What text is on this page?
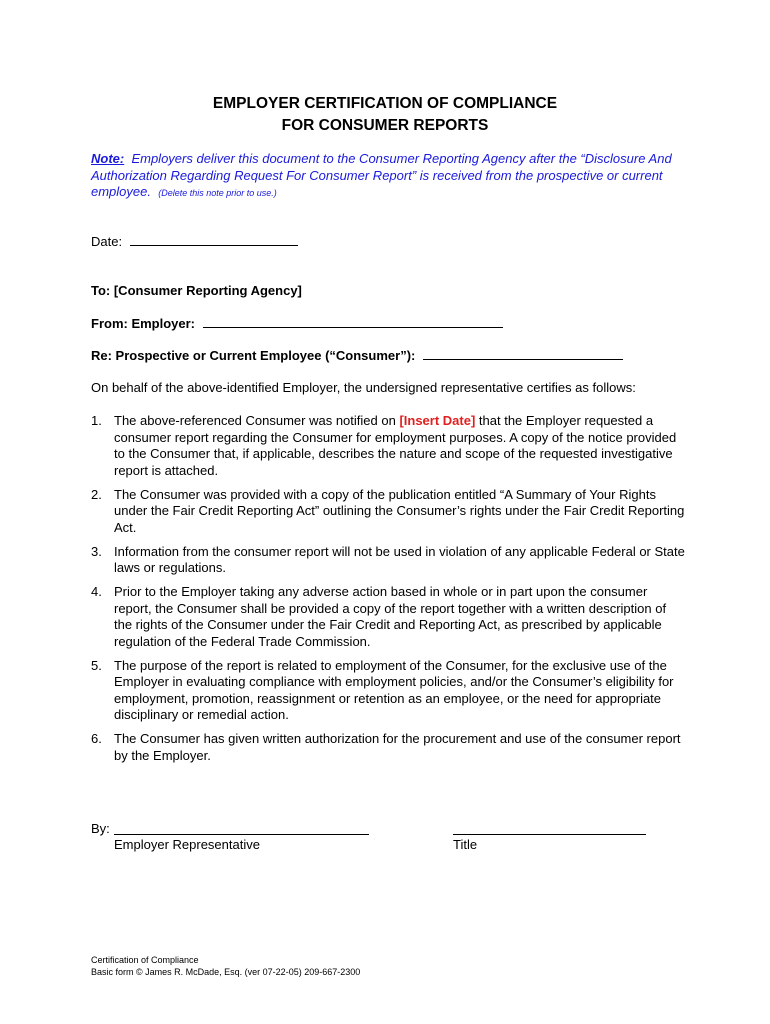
EMPLOYER CERTIFICATION OF COMPLIANCE
FOR CONSUMER REPORTS
Note: Employers deliver this document to the Consumer Reporting Agency after the “Disclosure And Authorization Regarding Request For Consumer Report” is received from the prospective or current employee. (Delete this note prior to use.)
Date:
To: [Consumer Reporting Agency]
From: Employer:
Re: Prospective or Current Employee (“Consumer”):
On behalf of the above-identified Employer, the undersigned representative certifies as follows:
1. The above-referenced Consumer was notified on [Insert Date] that the Employer requested a consumer report regarding the Consumer for employment purposes. A copy of the notice provided to the Consumer that, if applicable, describes the nature and scope of the requested investigative report is attached.
2. The Consumer was provided with a copy of the publication entitled “A Summary of Your Rights under the Fair Credit Reporting Act” outlining the Consumer’s rights under the Fair Credit Reporting Act.
3. Information from the consumer report will not be used in violation of any applicable Federal or State laws or regulations.
4. Prior to the Employer taking any adverse action based in whole or in part upon the consumer report, the Consumer shall be provided a copy of the report together with a written description of the rights of the Consumer under the Fair Credit and Reporting Act, as prescribed by applicable regulation of the Federal Trade Commission.
5. The purpose of the report is related to employment of the Consumer, for the exclusive use of the Employer in evaluating compliance with employment policies, and/or the Consumer’s eligibility for employment, promotion, reassignment or retention as an employee, or the need for appropriate disciplinary or remedial action.
6. The Consumer has given written authorization for the procurement and use of the consumer report by the Employer.
By:
Employer Representative	Title
Certification of Compliance
Basic form © James R. McDade, Esq. (ver 07-22-05) 209-667-2300
